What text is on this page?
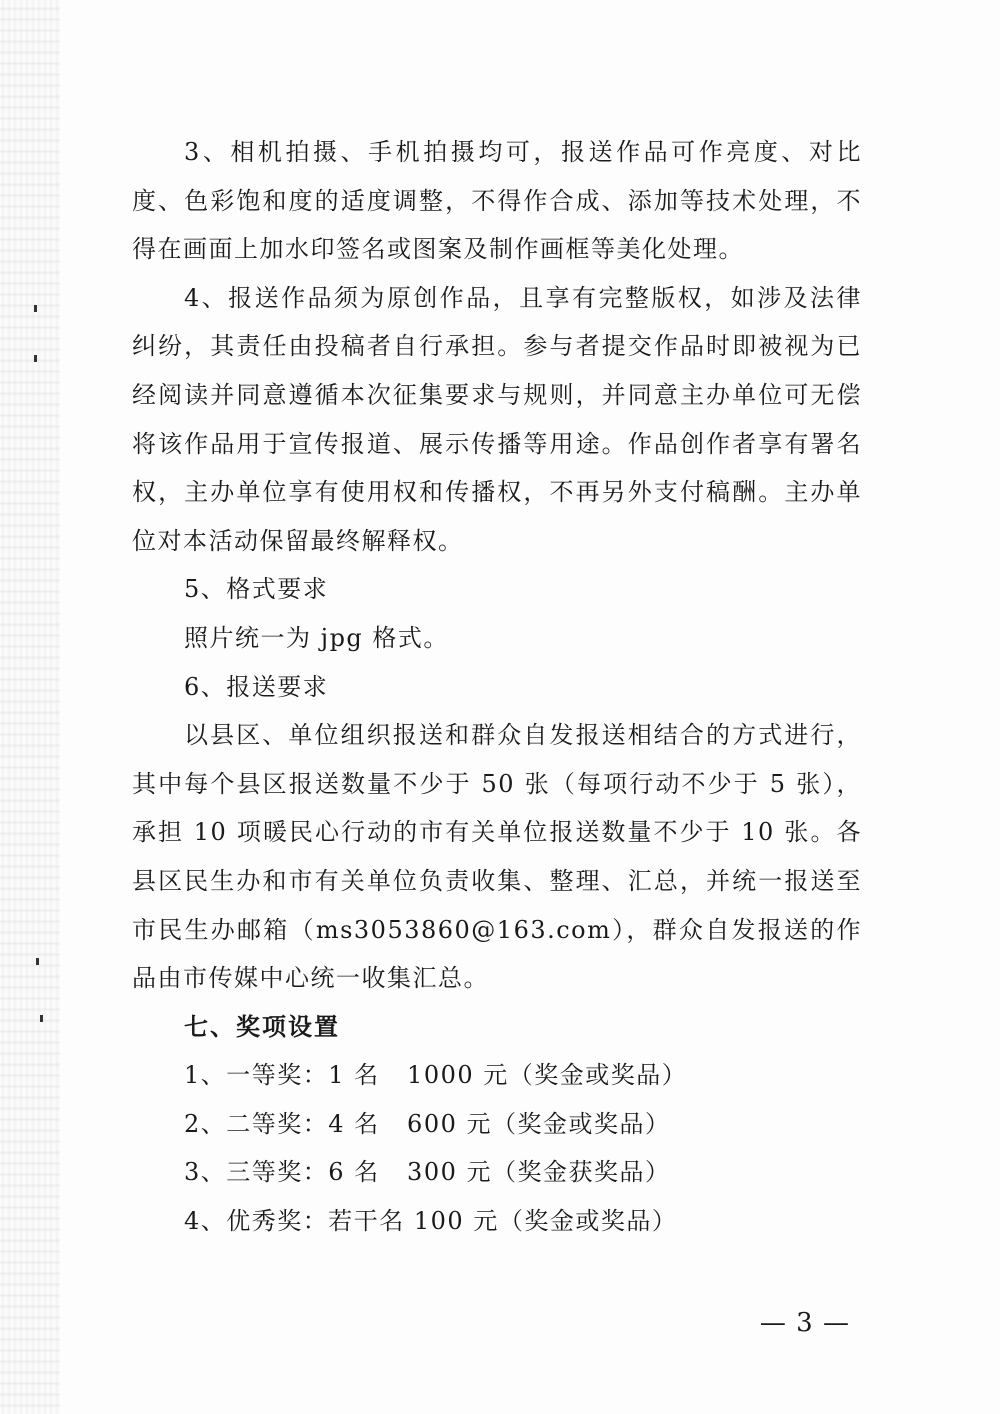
3、相机拍摄、手机拍摄均可，报送作品可作亮度、对比度、色彩饱和度的适度调整，不得作合成、添加等技术处理，不得在画面上加水印签名或图案及制作画框等美化处理。

4、报送作品须为原创作品，且享有完整版权，如涉及法律纠纷，其责任由投稿者自行承担。参与者提交作品时即被视为已经阅读并同意遵循本次征集要求与规则，并同意主办单位可无偿将该作品用于宣传报道、展示传播等用途。作品创作者享有署名权，主办单位享有使用权和传播权，不再另外支付稿酬。主办单位对本活动保留最终解释权。

5、格式要求

照片统一为 jpg 格式。

6、报送要求

以县区、单位组织报送和群众自发报送相结合的方式进行，其中每个县区报送数量不少于 50 张（每项行动不少于 5 张），承担 10 项暖民心行动的市有关单位报送数量不少于 10 张。各县区民生办和市有关单位负责收集、整理、汇总，并统一报送至市民生办邮箱（ms3053860@163.com），群众自发报送的作品由市传媒中心统一收集汇总。

七、奖项设置

1、一等奖：1 名   1000 元（奖金或奖品）
2、二等奖：4 名   600 元（奖金或奖品）
3、三等奖：6 名   300 元（奖金获奖品）
4、优秀奖：若干名 100 元（奖金或奖品）
— 3 —
